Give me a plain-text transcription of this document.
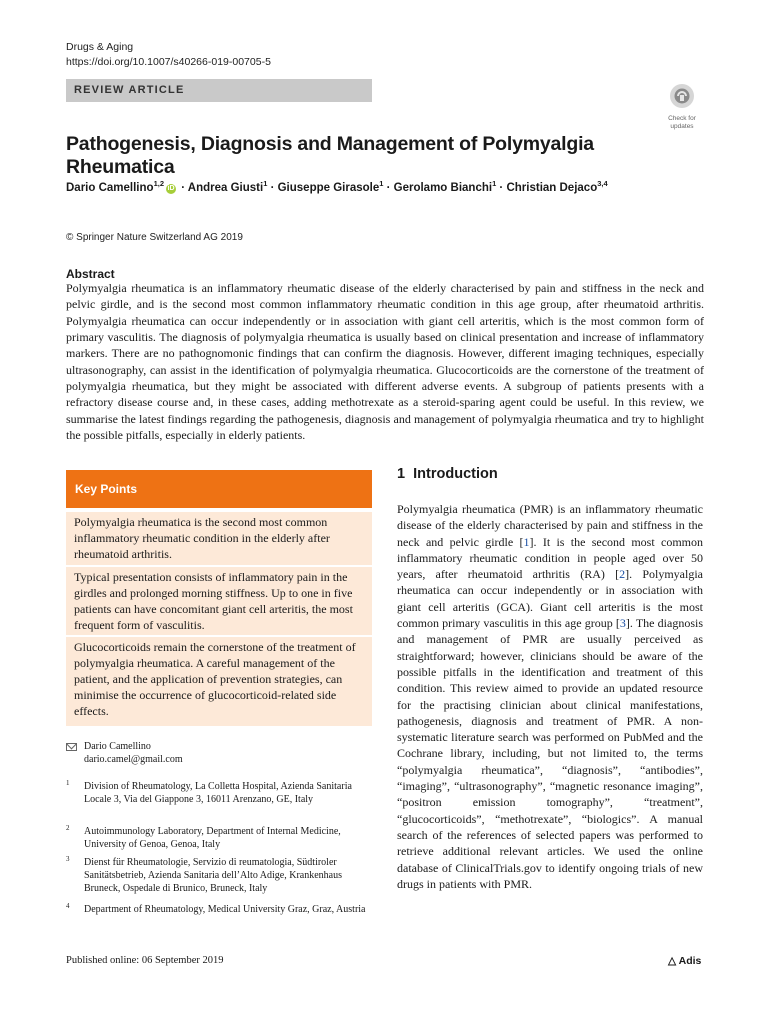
Drugs & Aging
https://doi.org/10.1007/s40266-019-00705-5
REVIEW ARTICLE
Check for
updates
Pathogenesis, Diagnosis and Management of Polymyalgia Rheumatica
Dario Camellino$^{1,2}$iD · Andrea Giusti$^1$ · Giuseppe Girasole$^1$ · Gerolamo Bianchi$^1$ · Christian Dejaco$^{3,4}$
© Springer Nature Switzerland AG 2019
Abstract
Polymyalgia rheumatica is an inflammatory rheumatic disease of the elderly characterised by pain and stiffness in the neck and pelvic girdle, and is the second most common inflammatory rheumatic condition in this age group, after rheumatoid arthritis. Polymyalgia rheumatica can occur independently or in association with giant cell arteritis, which is the most common form of primary vasculitis. The diagnosis of polymyalgia rheumatica is usually based on clinical presentation and increase of inflammatory markers. There are no pathognomonic findings that can confirm the diagnosis. However, different imaging techniques, especially ultrasonography, can assist in the identification of polymyalgia rheumatica. Glucocorticoids are the cornerstone of the treatment of polymyalgia rheumatica, but they might be associated with different adverse events. A subgroup of patients presents with a refractory disease course and, in these cases, adding methotrexate as a steroid-sparing agent could be useful. In this review, we summarise the latest findings regarding the pathogenesis, diagnosis and management of polymyalgia rheumatica and try to highlight the possible pitfalls, especially in elderly patients.
Key Points
Polymyalgia rheumatica is the second most common inflammatory rheumatic condition in the elderly after rheumatoid arthritis.
Typical presentation consists of inflammatory pain in the girdles and prolonged morning stiffness. Up to one in five patients can have concomitant giant cell arteritis, the most frequent form of vasculitis.
Glucocorticoids remain the cornerstone of the treatment of polymyalgia rheumatica. A careful management of the patient, and the application of prevention strategies, can minimise the occurrence of glucocorticoid-related side effects.
Dario Camellino
dario.camel@gmail.com
1 Division of Rheumatology, La Colletta Hospital, Azienda Sanitaria Locale 3, Via del Giappone 3, 16011 Arenzano, GE, Italy
2 Autoimmunology Laboratory, Department of Internal Medicine, University of Genoa, Genoa, Italy
3 Dienst für Rheumatologie, Servizio di reumatologia, Südtiroler Sanitätsbetrieb, Azienda Sanitaria dell’Alto Adige, Krankenhaus Bruneck, Ospedale di Brunico, Bruneck, Italy
4 Department of Rheumatology, Medical University Graz, Graz, Austria
Published online: 06 September 2019	△ Adis
1 Introduction
Polymyalgia rheumatica (PMR) is an inflammatory rheumatic disease of the elderly characterised by pain and stiffness in the neck and pelvic girdle [1]. It is the second most common inflammatory rheumatic condition in people aged over 50 years, after rheumatoid arthritis (RA) [2]. Polymyalgia rheumatica can occur independently or in association with giant cell arteritis (GCA). Giant cell arteritis is the most common primary vasculitis in this age group [3]. The diagnosis and management of PMR are usually perceived as straightforward; however, clinicians should be aware of the possible pitfalls in the identification and treatment of this condition. This review aimed to provide an updated resource for the practising clinician about clinical manifestations, pathogenesis, diagnosis and treatment of PMR. A non-systematic literature search was performed on PubMed and the Cochrane library, including, but not limited to, the terms “polymyalgia rheumatica”, “diagnosis”, “antibodies”, “imaging”, “ultrasonography”, “magnetic resonance imaging”, “positron emission tomography”, “treatment”, “glucocorticoids”, “methotrexate”, “biologics”. A manual search of the references of selected papers was performed to retrieve additional relevant articles. We used the online database of ClinicalTrials.gov to identify ongoing trials of new drugs in patients with PMR.
